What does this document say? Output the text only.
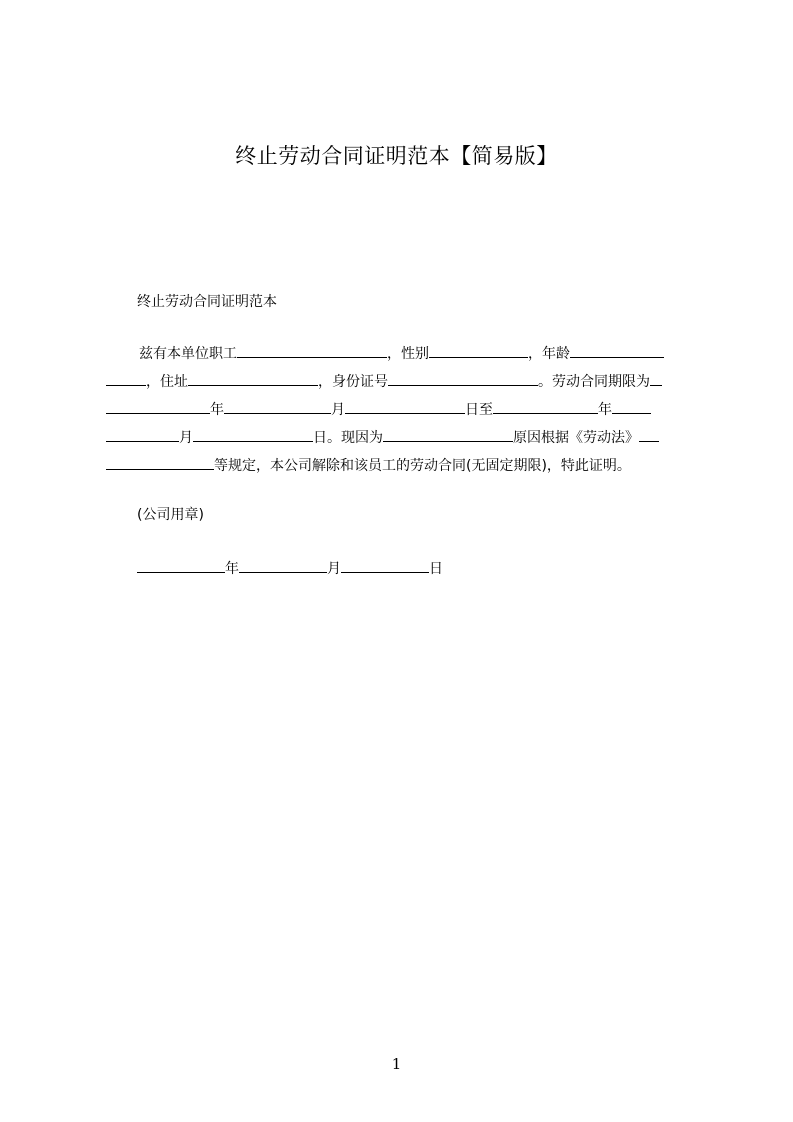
终止劳动合同证明范本【简易版】
终止劳动合同证明范本
兹有本单位职工	，性别	，年龄
，住址	，身份证号	。劳动合同期限为
年	月	日至	年
月	日。现因为	原因根据《劳动法》
等规定，本公司解除和该员工的劳动合同(无固定期限)，特此证明。
(公司用章)
年	月	日
1
